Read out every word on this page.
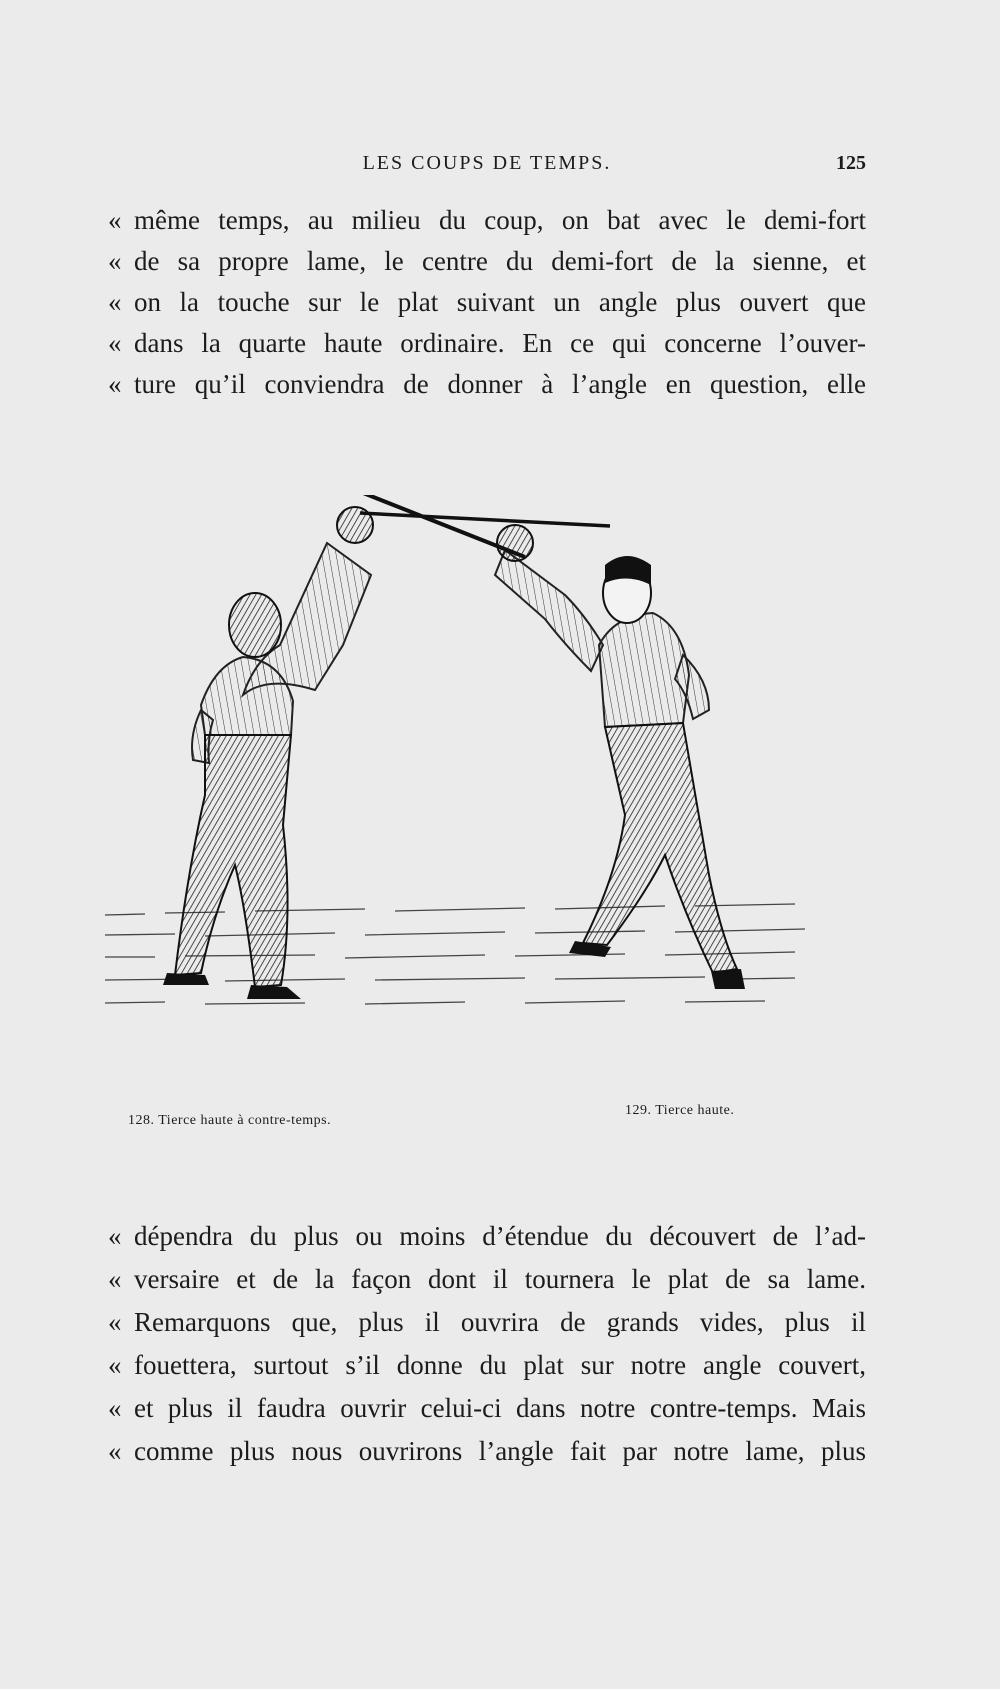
LES COUPS DE TEMPS.	125
« même temps, au milieu du coup, on bat avec le demi-fort
« de sa propre lame, le centre du demi-fort de la sienne, et
« on la touche sur le plat suivant un angle plus ouvert que
« dans la quarte haute ordinaire. En ce qui concerne l’ouver-
« ture qu’il conviendra de donner à l’angle en question, elle
128. Tierce haute à contre-temps.
129. Tierce haute.
« dépendra du plus ou moins d’étendue du découvert de l’ad-
« versaire et de la façon dont il tournera le plat de sa lame.
« Remarquons que, plus il ouvrira de grands vides, plus il
« fouettera, surtout s’il donne du plat sur notre angle couvert,
« et plus il faudra ouvrir celui-ci dans notre contre-temps. Mais
« comme plus nous ouvrirons l’angle fait par notre lame, plus
